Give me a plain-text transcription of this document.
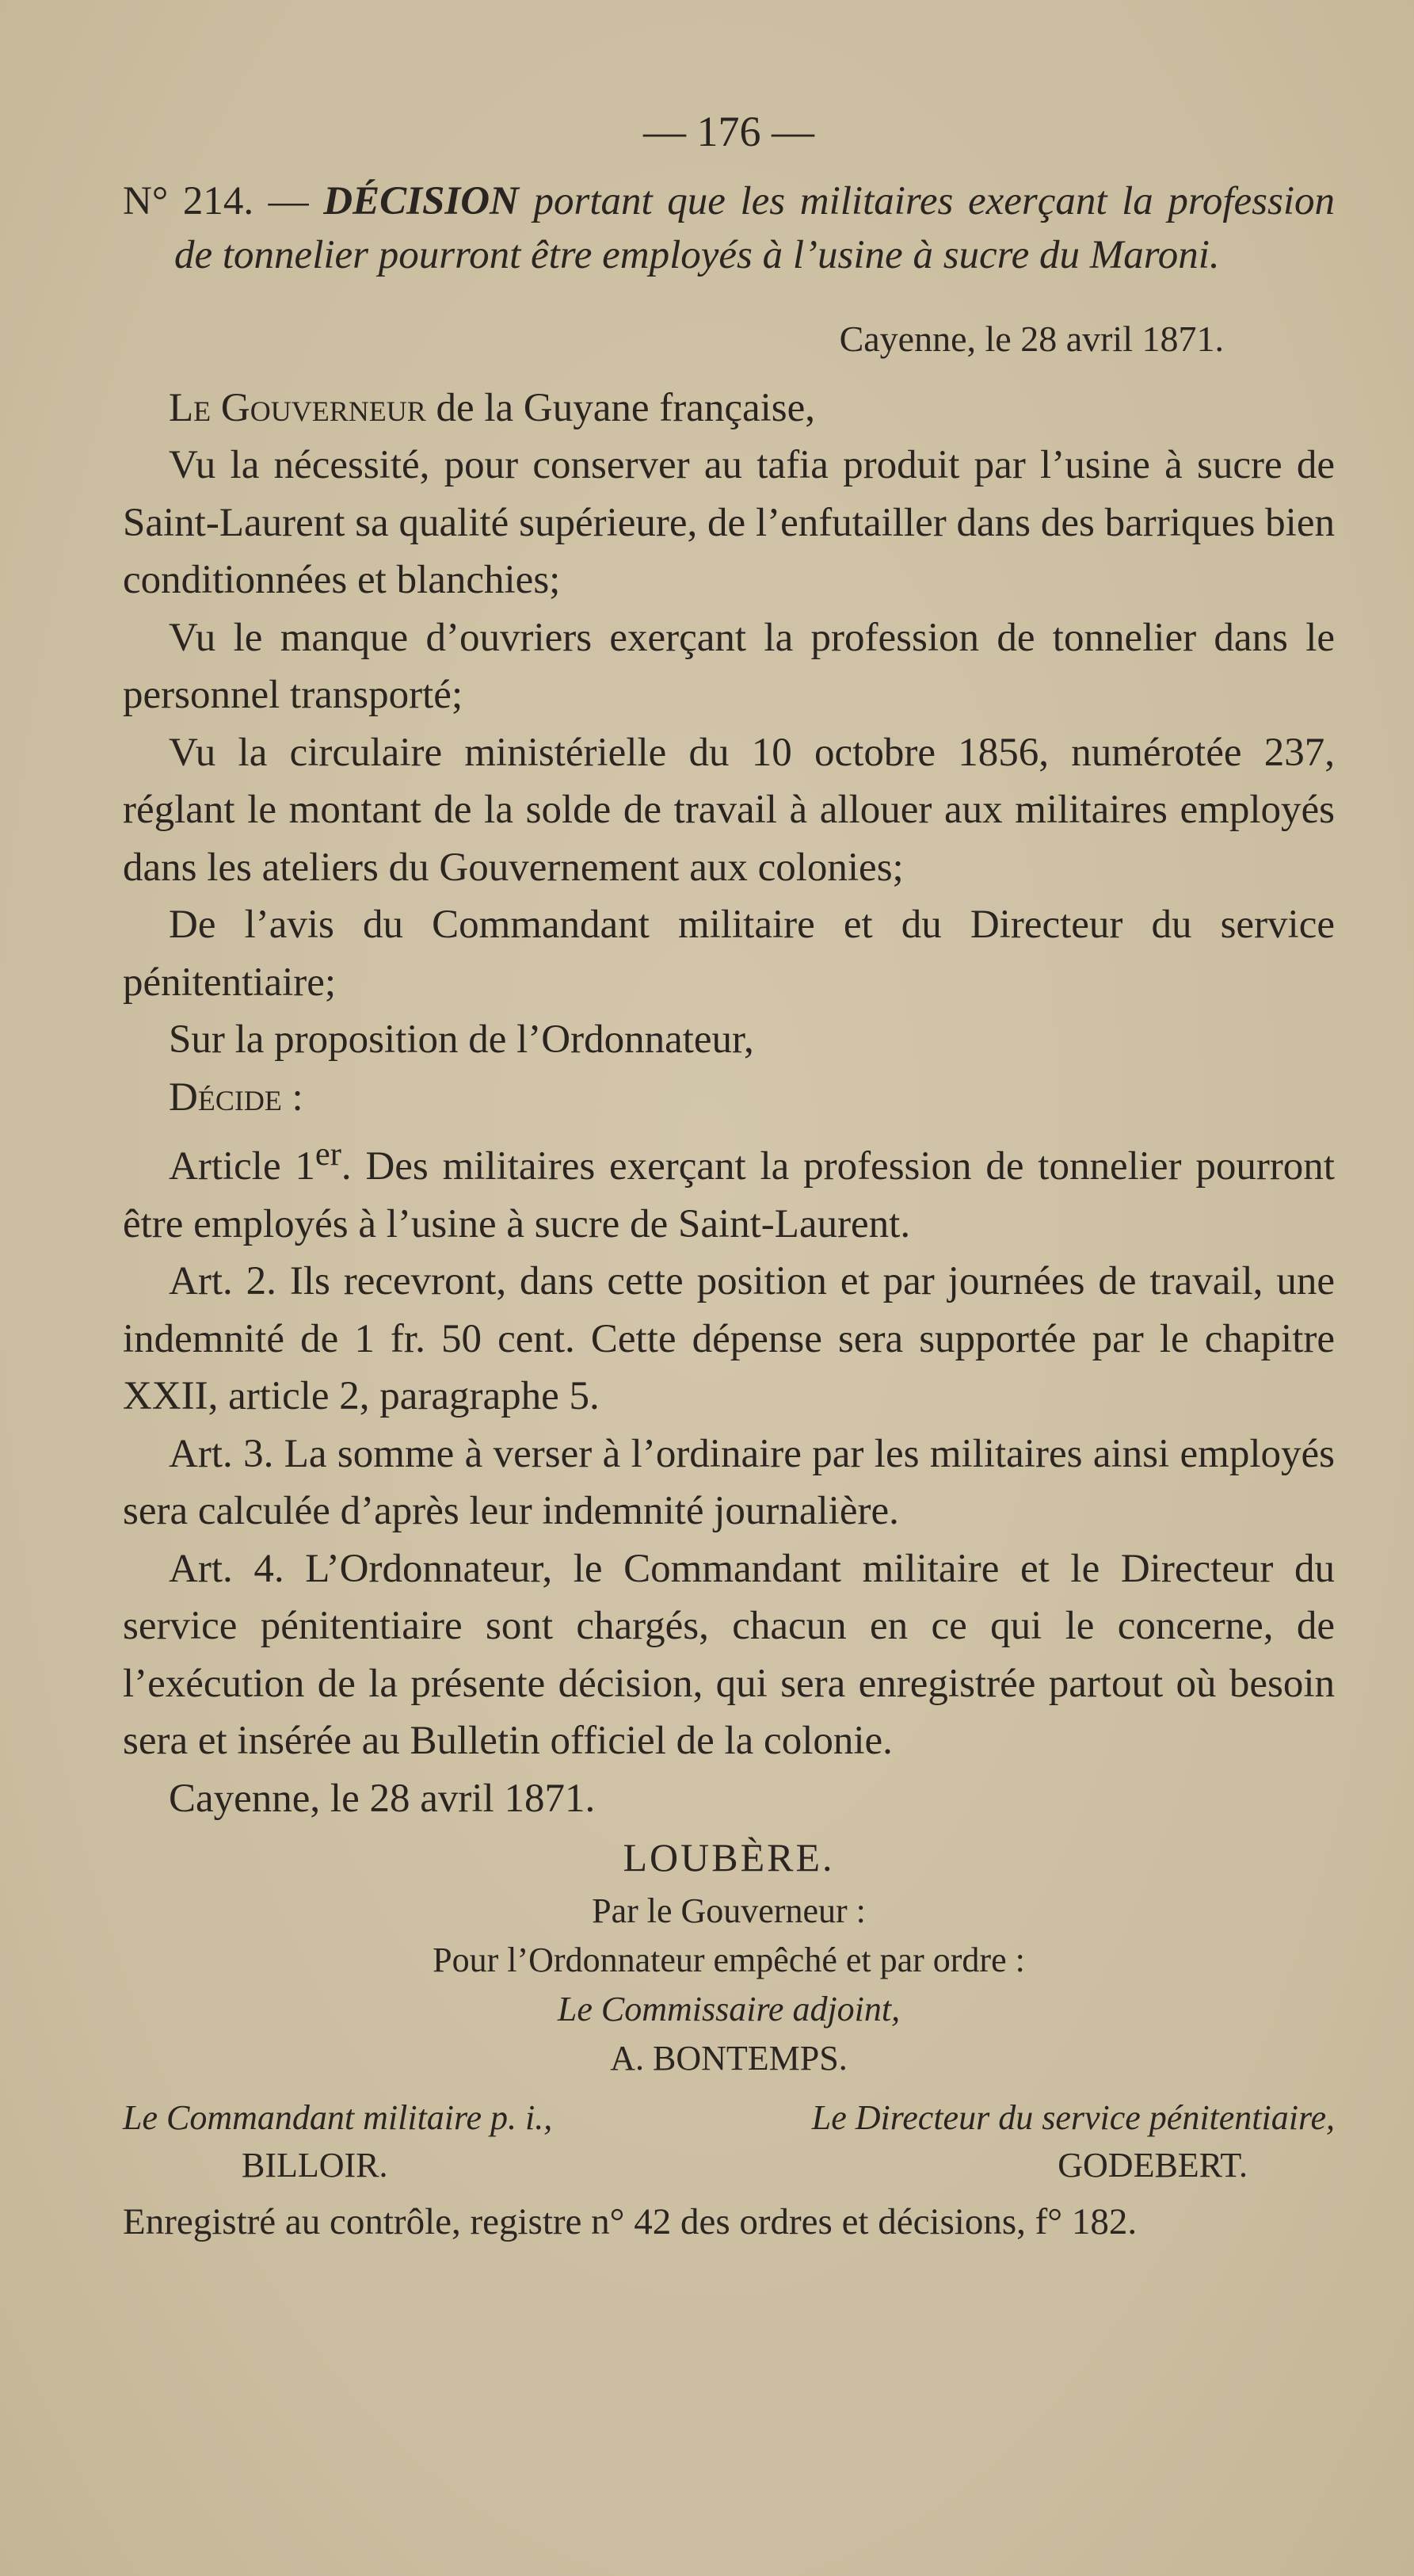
— 176 —

N° 214. — DÉCISION portant que les militaires exerçant la profession de tonnelier pourront être employés à l’usine à sucre du Maroni.

Cayenne, le 28 avril 1871.

Le Gouverneur de la Guyane française,

Vu la nécessité, pour conserver au tafia produit par l’usine à sucre de Saint-Laurent sa qualité supérieure, de l’enfutailler dans des barriques bien conditionnées et blanchies;

Vu le manque d’ouvriers exerçant la profession de tonnelier dans le personnel transporté;

Vu la circulaire ministérielle du 10 octobre 1856, numérotée 237, réglant le montant de la solde de travail à allouer aux militaires employés dans les ateliers du Gouvernement aux colonies;

De l’avis du Commandant militaire et du Directeur du service pénitentiaire;

Sur la proposition de l’Ordonnateur,

Décide :

Article 1er. Des militaires exerçant la profession de tonnelier pourront être employés à l’usine à sucre de Saint-Laurent.

Art. 2. Ils recevront, dans cette position et par journées de travail, une indemnité de 1 fr. 50 cent. Cette dépense sera supportée par le chapitre XXII, article 2, paragraphe 5.

Art. 3. La somme à verser à l’ordinaire par les militaires ainsi employés sera calculée d’après leur indemnité journalière.

Art. 4. L’Ordonnateur, le Commandant militaire et le Directeur du service pénitentiaire sont chargés, chacun en ce qui le concerne, de l’exécution de la présente décision, qui sera enregistrée partout où besoin sera et insérée au Bulletin officiel de la colonie.

Cayenne, le 28 avril 1871.

LOUBÈRE.

Par le Gouverneur :

Pour l’Ordonnateur empêché et par ordre :

Le Commissaire adjoint,

A. BONTEMPS.

Le Commandant militaire p. i.,
BILLOIR.
Le Directeur du service pénitentiaire,
GODEBERT.

Enregistré au contrôle, registre n° 42 des ordres et décisions, f° 182.
